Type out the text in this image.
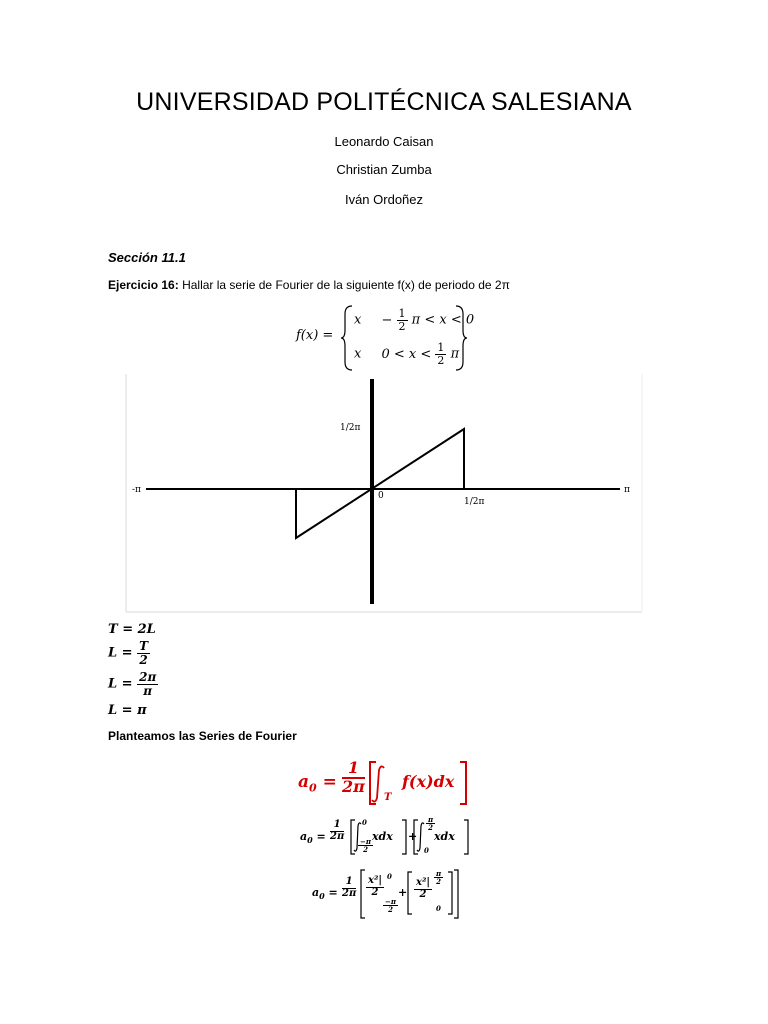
UNIVERSIDAD POLITÉCNICA SALESIANA
Leonardo Caisan
Christian Zumba
Iván Ordoñez
Sección 11.1
Ejercicio 16: Hallar la serie de Fourier de la siguiente f(x) de periodo de 2π
f(x) =
$x - \frac{1}{2}$ π < x < 0
x $0 < x < \frac{1}{2}$ π
1/2π
-π
0
1/2π
π
T = 2L
$L = \frac{T}{2}$
$L = \frac{2\pi}{\pi}$
L = π
Planteamos las Series de Fourier
$a_0 = \frac{1}{2\pi}$
T
f(x)dx
$a_0 = \frac{1}{2\pi}$	0
$\frac{-\pi}{2}$
xdx +
$\frac{\pi}{2}$
0
xdx
$a_0 = \frac{1}{2\pi} \frac{\text{x²|}}{2} 0$
$\frac{-\pi}{2}$
+ $\frac{\text{x²|}}{2}$
$\frac{\pi}{2}$
0
